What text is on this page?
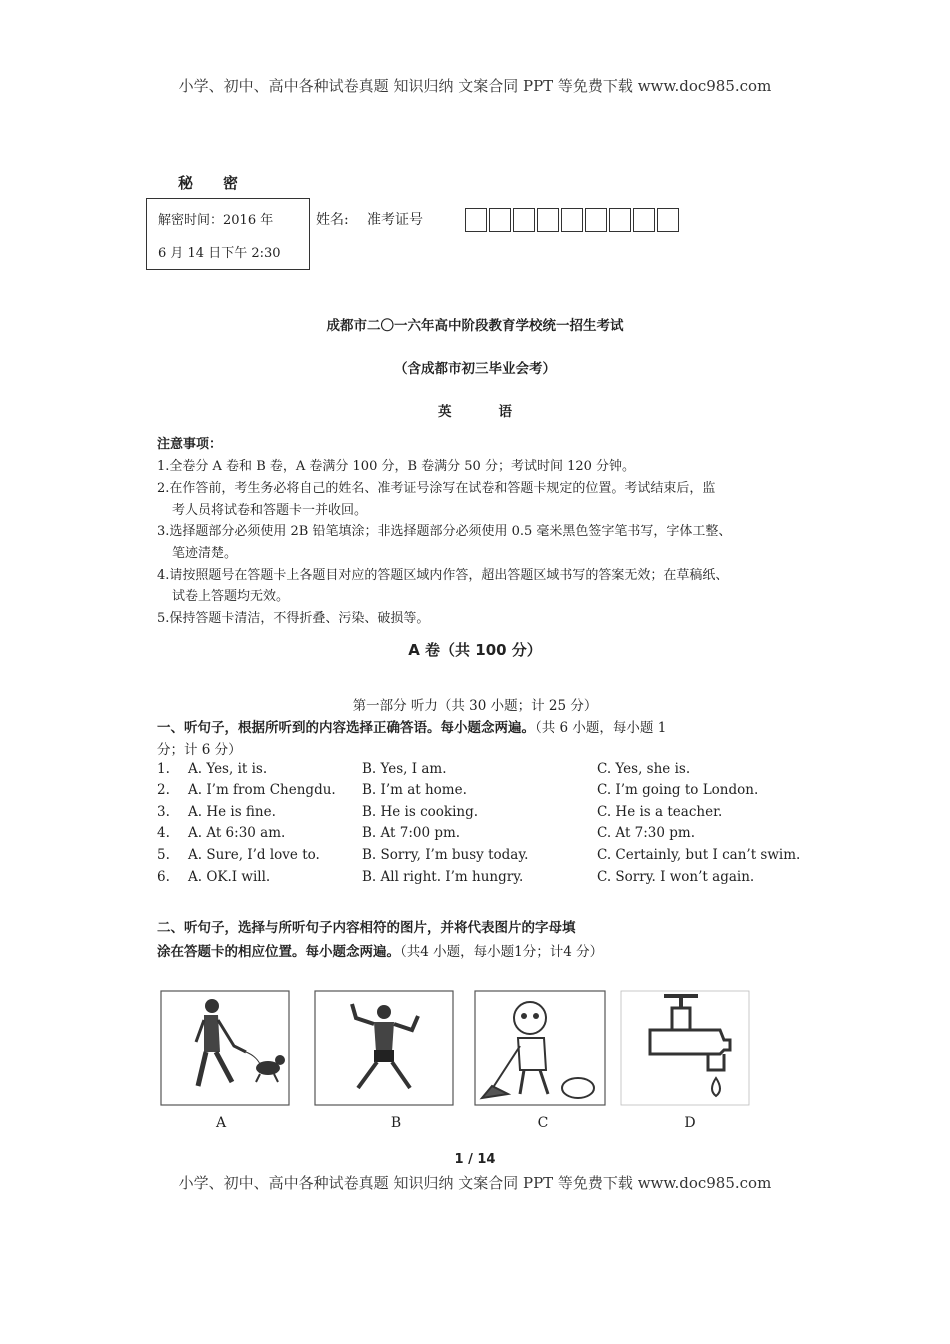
小学、初中、高中各种试卷真题 知识归纳 文案合同 PPT 等免费下载 www.doc985.com
秘 密
解密时间：2016 年
6 月 14 日下午 2:30
姓名: 准考证号
成都市二〇一六年高中阶段教育学校统一招生考试
（含成都市初三毕业会考）
英          语
注意事项：
1.全卷分 A 卷和 B 卷，A 卷满分 100 分，B 卷满分 50 分；考试时间 120 分钟。
2.在作答前，考生务必将自己的姓名、准考证号涂写在试卷和答题卡规定的位置。考试结束后，监
考人员将试卷和答题卡一并收回。
3.选择题部分必须使用 2B 铅笔填涂；非选择题部分必须使用 0.5 毫米黑色签字笔书写，字体工整、
笔迹清楚。
4.请按照题号在答题卡上各题目对应的答题区域内作答，超出答题区域书写的答案无效；在草稿纸、
试卷上答题均无效。
5.保持答题卡清洁，不得折叠、污染、破损等。
A 卷（共 100 分）
第一部分 听力（共 30 小题；计 25 分）
一、听句子，根据所听到的内容选择正确答语。每小题念两遍。（共 6 小题，每小题 1
分；计 6 分）
1. A. Yes, it is.	B. Yes, I am.	C. Yes, she is.
2. A. I’m from Chengdu. B. I’m at home.	C. I’m going to London.
3. A. He is fine.	B. He is cooking.	C. He is a teacher.
4. A. At 6:30 am.	B. At 7:00 pm.	C. At 7:30 pm.
5. A. Sure, I’d love to.	B. Sorry, I’m busy today.	C. Certainly, but I can’t swim.
6. A. OK.I will.	B. All right. I’m hungry.	C. Sorry. I won’t again.
二、听句子，选择与所听句子内容相符的图片，并将代表图片的字母填
涂在答题卡的相应位置。每小题念两遍。（共4 小题，每小题1分；计4 分）
A	B	C	D
1 / 14
小学、初中、高中各种试卷真题 知识归纳 文案合同 PPT 等免费下载 www.doc985.com
